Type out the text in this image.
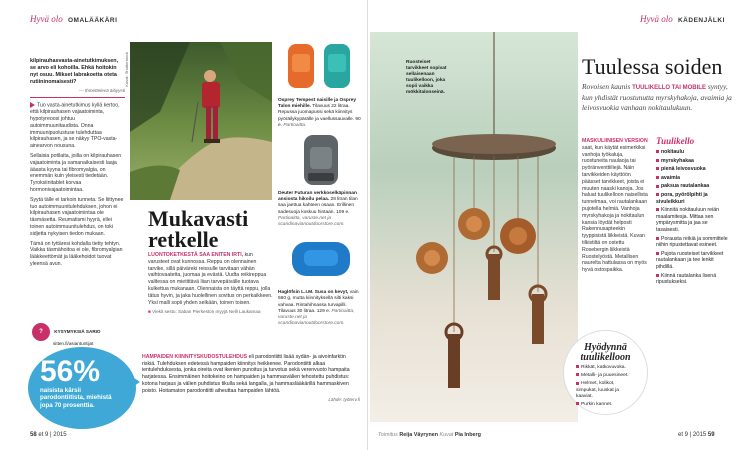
Hyvä olo OMALÄÄKÄRI
kilpirauhasvasta-ainetutkimuksen, se arvo eli kohoilla. Ehkä hoitokin nyt osuu. Mikset labrakoetta oteta rutiininomaisesti?
— Ihmettelevä äitiyysti
Tuo vasta-ainetutkimus kyllä kertoo, että kilpirauhasen vajaatoiminta, hypotyreoosi johtuu autoimmuunitaudista. Onna immuunipuolustuse tulehduttaa kilpirauhasen, ja se näkyy TPO-vasta-ainearvon nousuna.
Sellaisia potilaita, joilla on kilpirauhasen vajaatoiminta ja samanaikaisesti laaja ääasta kyyna tai fibromyalgia, on enemmän kuin yleisesti tiedetään. Tyroksiinitablet korvaa hormonivajaatoimintaa.
Syytä tälle ei tarkoin tunneta. Se liittynee tuo autoimmuunitulehduksen, johon ei kilpirauhasen vajaatoimintaa ole täsmäsetta. Reumatismi hyyrä, ellei toinen autoimmuunitulehdus, on toki sidjetta nykyisen tiedon mukaan.
Tämä on tyttäresi kohdalla tietty tehtyn. Vaikka täsmähoitoa ei ole, fibromyalgian lääkkeettömät ja lääkehoidot tuovat yleensä avun.
Kuvat: Shutterstock
Osprey Tempest naisille ja Osprey Talon miehille. Tilavuus 22 litraa. Repussa juomapussi sekä kiinnitys pyöräilykypärälle ja vaellussauvalle. 90 e. Partioaitta.
Deuter Futuran verkkoselkäpinnan ansiosta hikoilu pelaa. 28 litran tilan saa jaettua kahteen osaan. Erillinen sadesuoja koskuu hintaan. 109 e. Partioaitta, varuste.net ja scandinavianoutdoorstore.com.
Haglöfsin L.I.M. Susa on kevyt, vain 660 g, mutta kiinnityksellä silti kaksi vahvaa. Rintahihnassa turvapilli. Tilavuus 30 litraa. 129 e. Partioaitta, varuste.net ja scandinavianoutdoorstore.com.
Mukavasti retkelle
LUONTOKETKESTÄ SAA ENITEN IRTI, kun varusteet ovat kunnossa. Reppu on olennainen tarvike, sillä päiväreki reissulle tarvitaan vähän vaihtovaatetta, juomaa ja evästä. Uudta reikireppua valitessa on mietittävä liian tarvepäivälle tuotava kulkettua mukanaan. Olennaista on täyttä reppu, jolla tätus hyvin, ja jaka huolellinen sovitus on perkaikkeen. Yksi malli sopii yhden selkään, toinen toisen.
■ Viekit sesto: Saban Pierkeston myyjä Nelli Laukamaa
? KYSYMYKSIÄ SARIO
sitten.fi/asiantuntijat
56%
naisista kärsii parodontiitista, miehistä jopa 70 prosenttia.
HAMPAIDEN KIINNITYSKUDOSTULEHDUS eli parodontiitti lisää sydän- ja aivoinfarktin riskiä. Tulehduksen edetessä hampaiden kiinnitys heikkenee. Parodontiitti alkaa ientulehduksesta, jonka oireita ovat ikenien punoitus ja turvotus sekä verenvuoto hampaita harjatessa. Ensimmäinen hoitokeino on hampaiden ja hammasvälien tehostettu puhdistus: kotona harjaus ja välien puhdistus tikulla sekä langalla, ja hammaslääkärillä hammaskiven poisto. Hoitamaton parodontiitti aiheuttaa hampaiden lähtöä.
Lähde: työterv.fi
58 et 9 | 2015
Hyvä olo KÄDENJÄLKI
Ruosteiset tarvikkeet sopivat sellaisenaan tuulikelloon, joka sopii vaikka mökkitalonseinä.
Tuulessa soiden
Rovoisen kaunis TUULIKELLO TAI MOBILE syntyy, kun yhdistät ruostunutta myrskyhakoja, avaimia ja leivosvuokia vanhaan nokitaulukuun.
MASKULIINISEN VERSION saat, kun käytät esimerkiksi vanhoja työkaluja, ruostuneita naulaoja tai pyöränventtiiliejä. Näin tarvikkeiden käyttöön päässet tarvikkeet, joista ei muuten naaski kanoja. Jos haluat tuulikelloon naisellista tunnelmaa, voi rautalankaan pujotella helmiä. Vanhoja myrskyhakoja ja nokitaulun kansia löydät helposti Rakennusapteekin tyyppisistä liikkeistä. Kuvan tilkistiltä on ostettu Rosebergin liikkeistä Ruostelyöstä. Metallisen naurelta hattulassa on myös hyvä ostospaikka.
Tuulikello
nokitaulu
myrskyhakaa
pienä leivosvuoka
avaimia
paksua rautalankaa
pora, pyörölpihti ja sivuleikkuri
Kiinnitä nokitauluun reiän maalamitesja. Mittaa sen ympärysmitta ja jaa se tasaisesti.
Porausta reikiä ja sommittele niihin ripustettavat esineet.
Pujota ruosteiset tarvikkeet rautalankaan ja tee lenkit pihdillä.
Kiinnä rautalanka lisenä ripustukseksi.
Hyödynnä tuulikelloon
Rikkät, katkovuvoka.
Metalli- ja puuesineet.
Helmet, kolikot, simpukat, luuskat ja kaaviat.
Purkin kannet.
Toimitus Reija Väyrynen Kuvat Pia Inberg	et 9 | 2015 59
